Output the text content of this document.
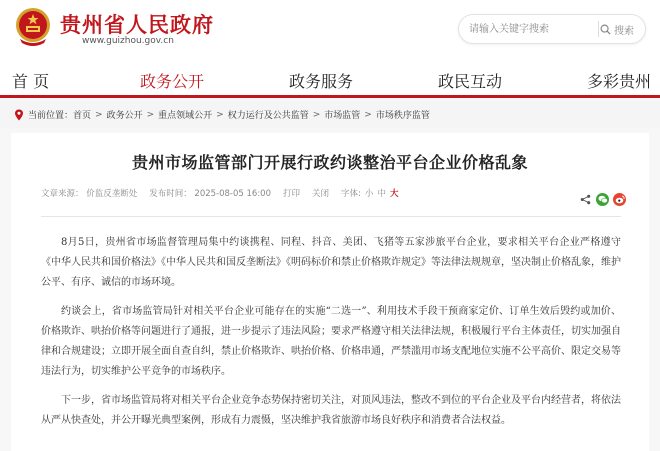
贵州省人民政府
www.guizhou.gov.cn
请输入关键字搜索
搜索
首 页	政务公开	政务服务	政民互动	多彩贵州
当前位置： 首页 > 政务公开 > 重点领域公开 > 权力运行及公共监管 > 市场监管 > 市场秩序监管
贵州市场监管部门开展行政约谈整治平台企业价格乱象
文章来源： 价监反垄断处 发布时间： 2025-08-05 16:00 打印 关闭 字体: 小 中 大

8月5日，贵州省市场监督管理局集中约谈携程、同程、抖音、美团、飞猪等五家涉旅平台企业，要求相关平台企业严格遵守《中华人民共和国价格法》《中华人民共和国反垄断法》《明码标价和禁止价格欺诈规定》等法律法规规章，坚决制止价格乱象，维护公平、有序、诚信的市场环境。

约谈会上，省市场监管局针对相关平台企业可能存在的实施“二选一”、利用技术手段干预商家定价、订单生效后毁约或加价、价格欺诈、哄抬价格等问题进行了通报，进一步提示了违法风险；要求严格遵守相关法律法规，积极履行平台主体责任，切实加强自律和合规建设；立即开展全面自查自纠，禁止价格欺诈、哄抬价格、价格串通，严禁滥用市场支配地位实施不公平高价、限定交易等违法行为，切实维护公平竞争的市场秩序。

下一步，省市场监管局将对相关平台企业竞争态势保持密切关注，对顶风违法，整改不到位的平台企业及平台内经营者，将依法从严从快查处，并公开曝光典型案例，形成有力震慑，坚决维护我省旅游市场良好秩序和消费者合法权益。
